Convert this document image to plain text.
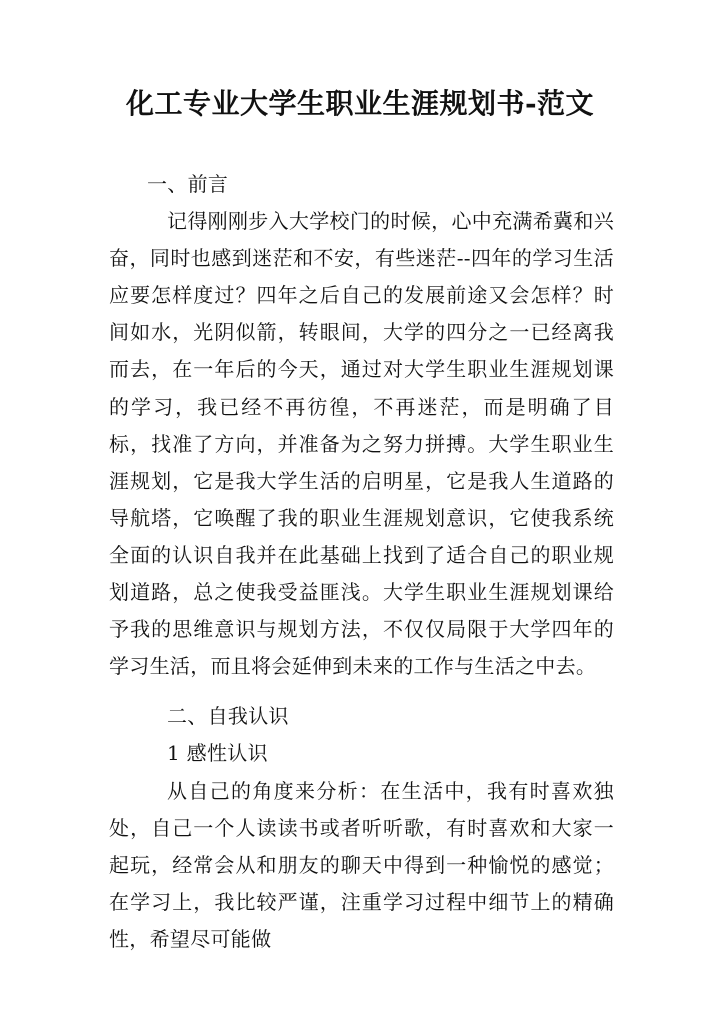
化工专业大学生职业生涯规划书-范文

一、前言

记得刚刚步入大学校门的时候，心中充满希冀和兴奋，同时也感到迷茫和不安，有些迷茫--四年的学习生活应要怎样度过？四年之后自己的发展前途又会怎样？时间如水，光阴似箭，转眼间，大学的四分之一已经离我而去，在一年后的今天，通过对大学生职业生涯规划课的学习，我已经不再彷徨，不再迷茫，而是明确了目标，找准了方向，并准备为之努力拼搏。大学生职业生涯规划，它是我大学生活的启明星，它是我人生道路的导航塔，它唤醒了我的职业生涯规划意识，它使我系统全面的认识自我并在此基础上找到了适合自己的职业规划道路，总之使我受益匪浅。大学生职业生涯规划课给予我的思维意识与规划方法，不仅仅局限于大学四年的学习生活，而且将会延伸到未来的工作与生活之中去。

二、自我认识

1 感性认识

从自己的角度来分析：在生活中，我有时喜欢独处，自己一个人读读书或者听听歌，有时喜欢和大家一起玩，经常会从和朋友的聊天中得到一种愉悦的感觉；在学习上，我比较严谨，注重学习过程中细节上的精确性，希望尽可能做
